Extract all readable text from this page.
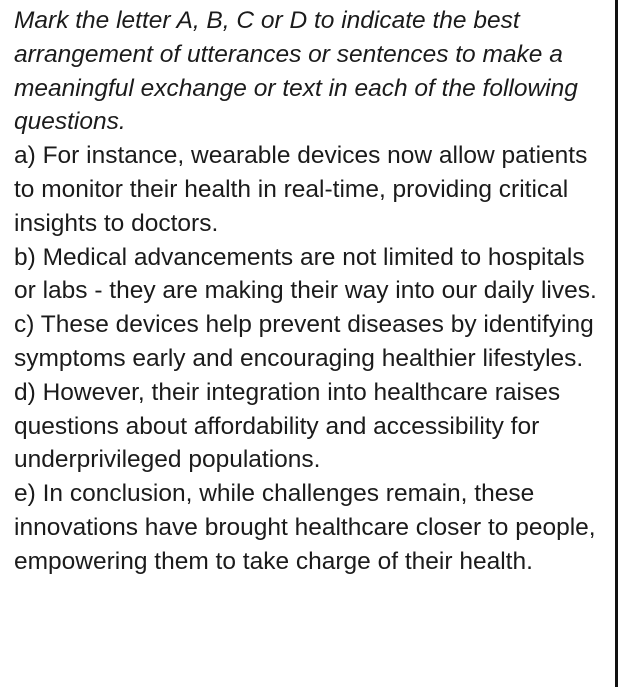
Mark the letter A, B, C or D to indicate the best arrangement of utterances or sentences to make a meaningful exchange or text in each of the following questions.

a) For instance, wearable devices now allow patients to monitor their health in real-time, providing critical insights to doctors.

b) Medical advancements are not limited to hospitals or labs - they are making their way into our daily lives.

c) These devices help prevent diseases by identifying symptoms early and encouraging healthier lifestyles.

d) However, their integration into healthcare raises questions about affordability and accessibility for underprivileged populations.

e) In conclusion, while challenges remain, these innovations have brought healthcare closer to people, empowering them to take charge of their health.
